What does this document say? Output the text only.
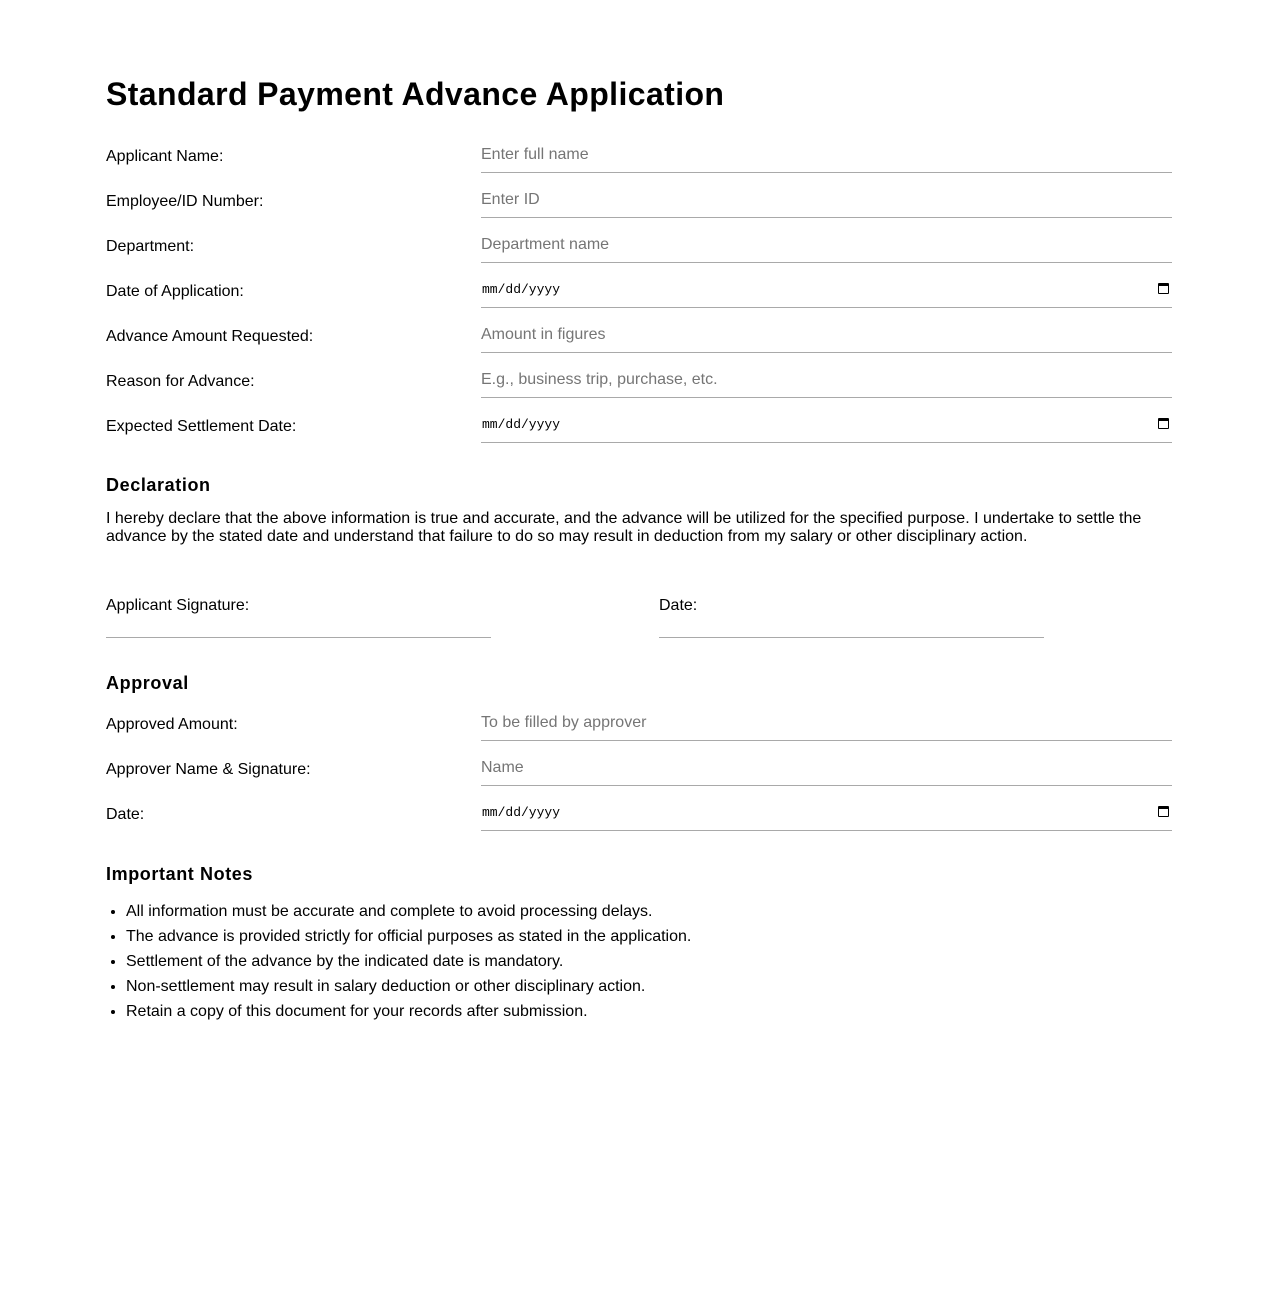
Standard Payment Advance Application
Applicant Name:
Enter full name
Employee/ID Number:
Enter ID
Department:
Department name
Date of Application:	mm/dd/yyyy
Advance Amount Requested:
Amount in figures
Reason for Advance:
E.g., business trip, purchase, etc.
Expected Settlement Date:	mm/dd/yyyy
Declaration

I hereby declare that the above information is true and accurate, and the advance will be utilized for the specified purpose. I undertake to settle the advance by the stated date and understand that failure to do so may result in deduction from my salary or other disciplinary action.

Applicant Signature:	Date:
Approval
Approved Amount:
To be filled by approver
Approver Name & Signature:
Name
Date:	mm/dd/yyyy
Important Notes
• All information must be accurate and complete to avoid processing delays.
• The advance is provided strictly for official purposes as stated in the application.
• Settlement of the advance by the indicated date is mandatory.
• Non-settlement may result in salary deduction or other disciplinary action.
• Retain a copy of this document for your records after submission.
